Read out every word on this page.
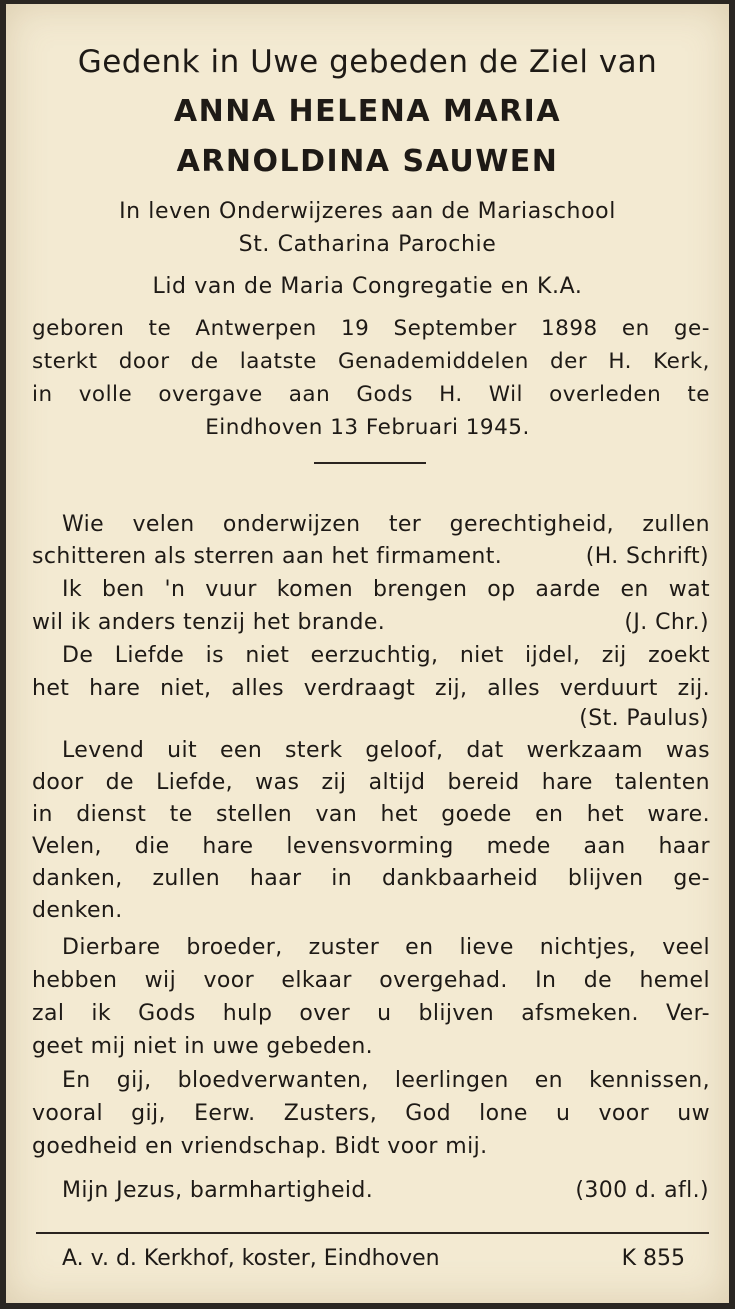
Gedenk in Uwe gebeden de Ziel van
ANNA HELENA MARIA
ARNOLDINA SAUWEN
In leven Onderwijzeres aan de Mariaschool
St. Catharina Parochie
Lid van de Maria Congregatie en K.A.
geboren te Antwerpen 19 September 1898 en ge-
sterkt door de laatste Genademiddelen der H. Kerk,
in volle overgave aan Gods H. Wil overleden te
Eindhoven 13 Februari 1945.
Wie velen onderwijzen ter gerechtigheid, zullen
schitteren als sterren aan het firmament.	(H. Schrift)
Ik ben 'n vuur komen brengen op aarde en wat
wil ik anders tenzij het brande.	(J. Chr.)
De Liefde is niet eerzuchtig, niet ijdel, zij zoekt
het hare niet, alles verdraagt zij, alles verduurt zij.
(St. Paulus)
Levend uit een sterk geloof, dat werkzaam was
door de Liefde, was zij altijd bereid hare talenten
in dienst te stellen van het goede en het ware.
Velen, die hare levensvorming mede aan haar
danken, zullen haar in dankbaarheid blijven ge-
denken.
Dierbare broeder, zuster en lieve nichtjes, veel
hebben wij voor elkaar overgehad. In de hemel
zal ik Gods hulp over u blijven afsmeken. Ver-
geet mij niet in uwe gebeden.
En gij, bloedverwanten, leerlingen en kennissen,
vooral gij, Eerw. Zusters, God lone u voor uw
goedheid en vriendschap. Bidt voor mij.
Mijn Jezus, barmhartigheid.	(300 d. afl.)
A. v. d. Kerkhof, koster, Eindhoven	K 855
